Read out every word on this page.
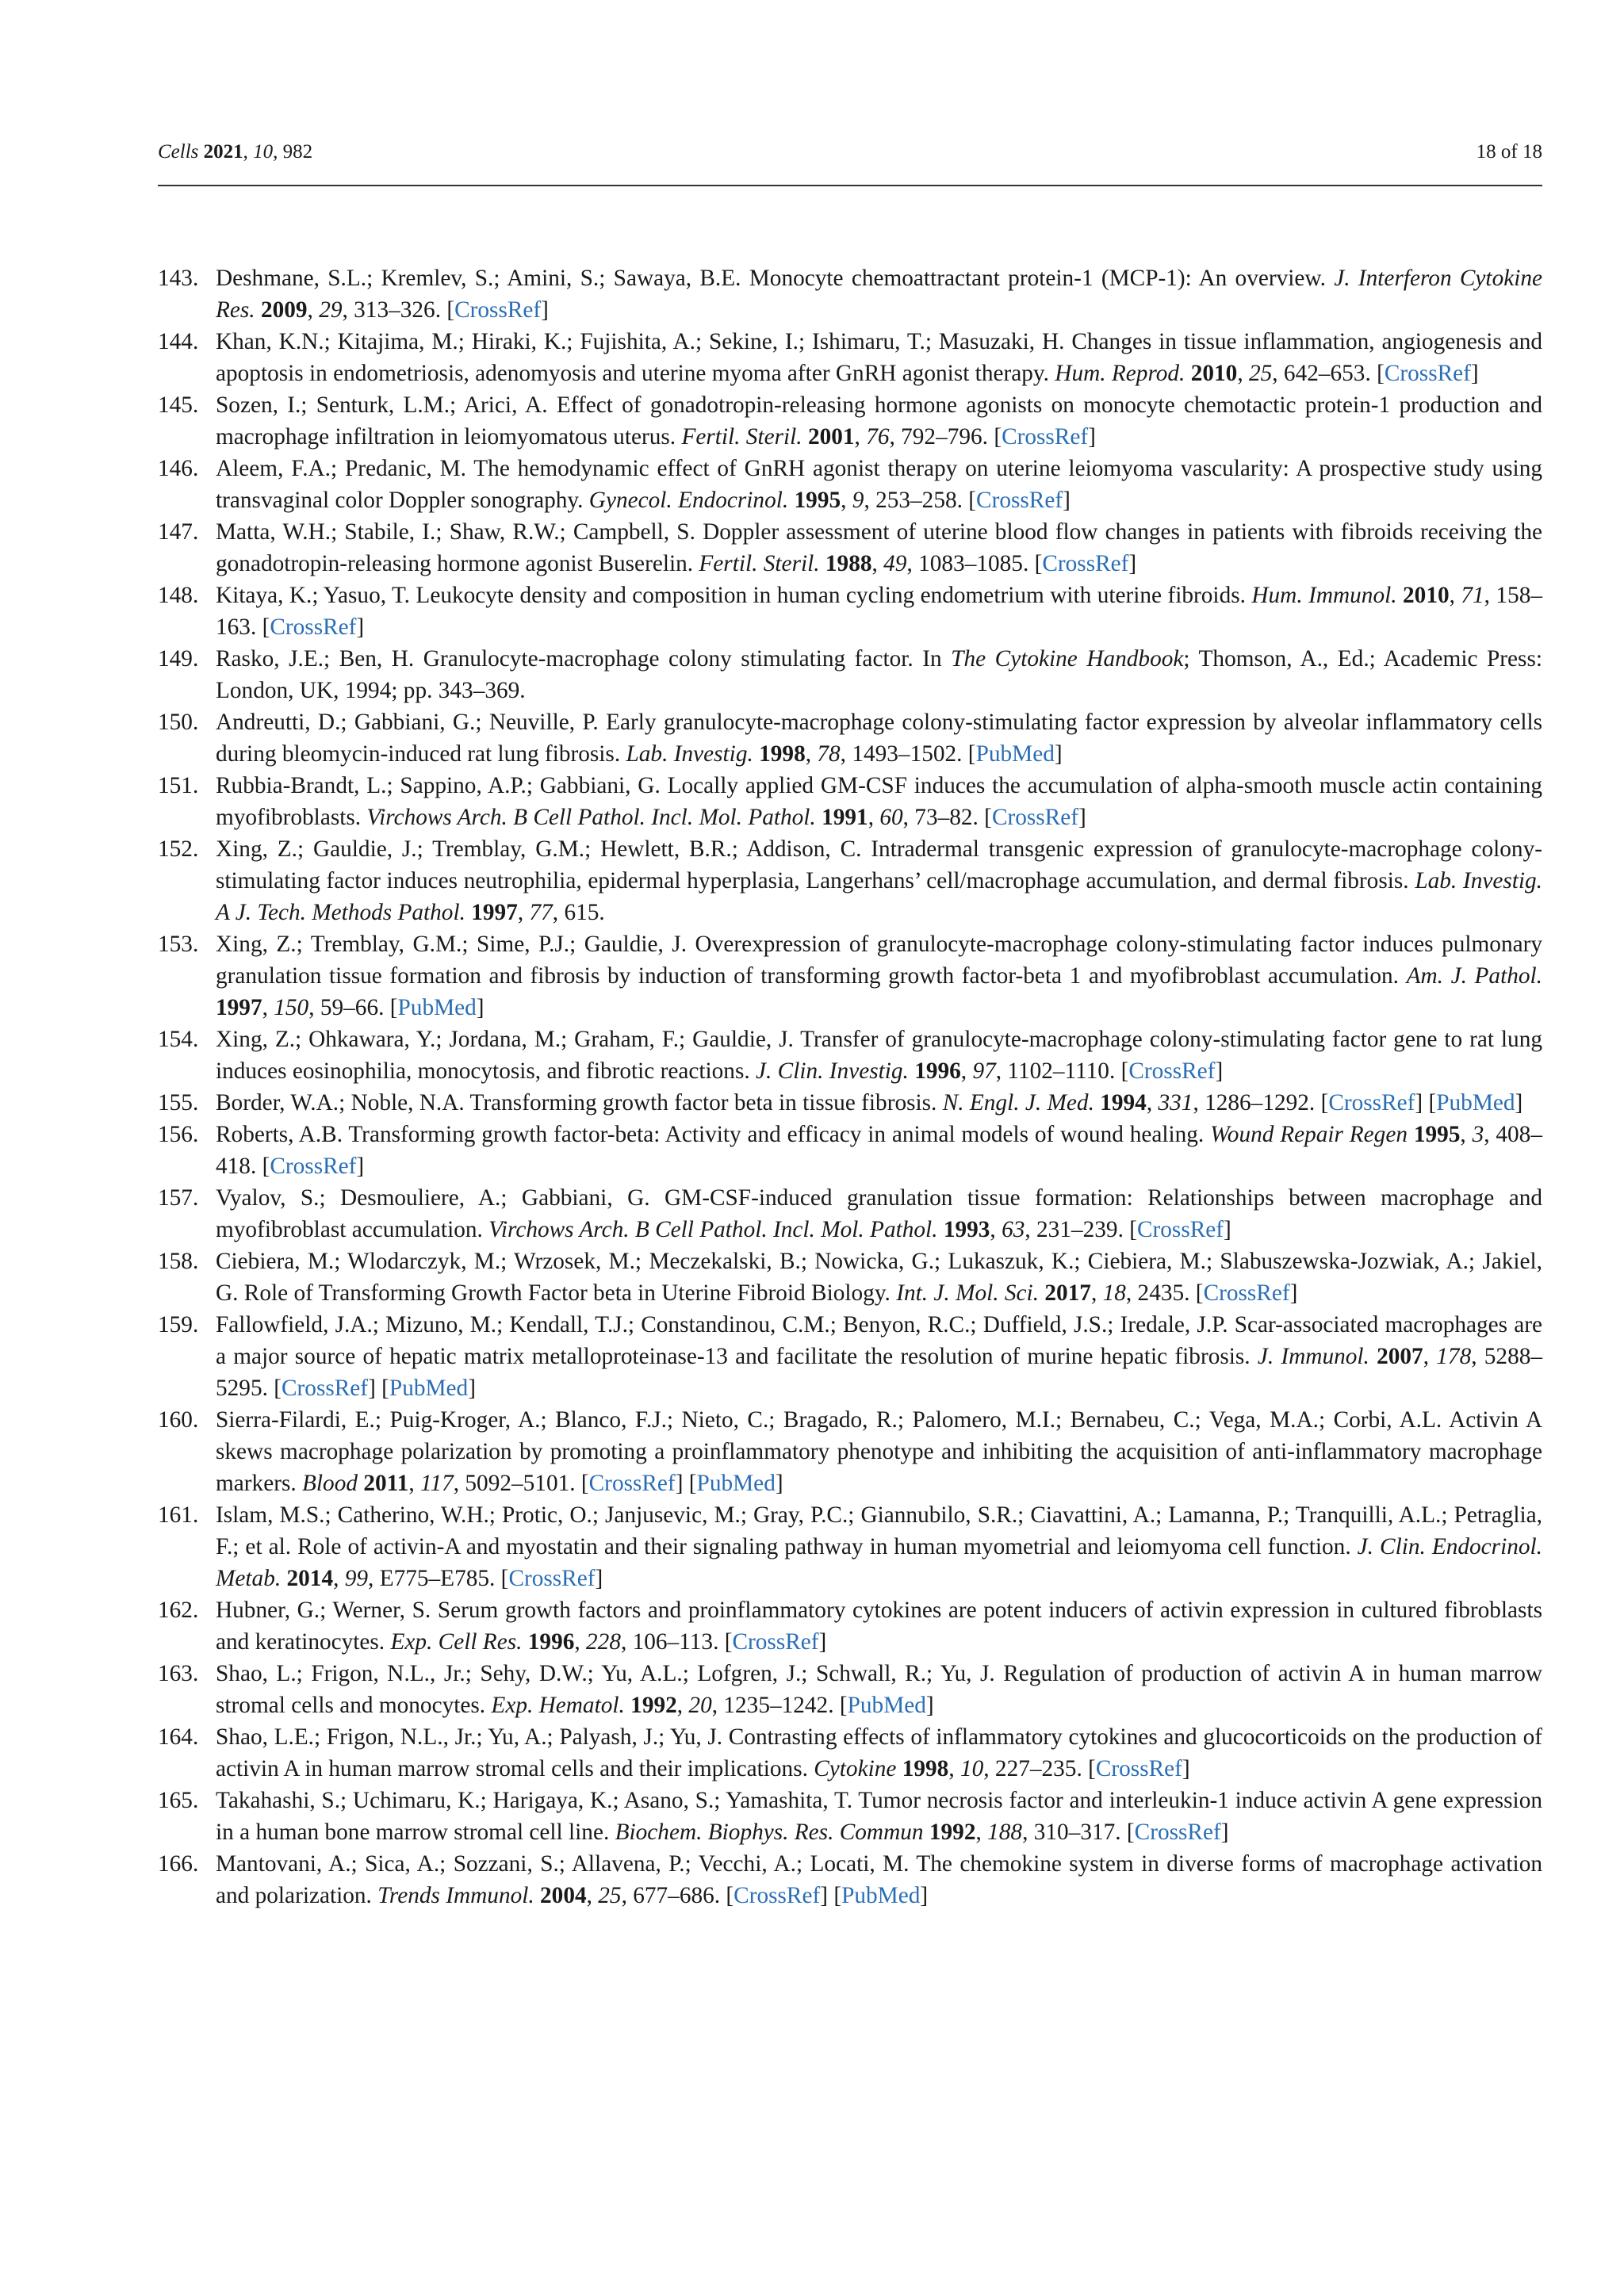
Cells 2021, 10, 982	18 of 18
143. Deshmane, S.L.; Kremlev, S.; Amini, S.; Sawaya, B.E. Monocyte chemoattractant protein-1 (MCP-1): An overview. J. Interferon Cytokine Res. 2009, 29, 313–326. [CrossRef]
144. Khan, K.N.; Kitajima, M.; Hiraki, K.; Fujishita, A.; Sekine, I.; Ishimaru, T.; Masuzaki, H. Changes in tissue inflammation, angiogenesis and apoptosis in endometriosis, adenomyosis and uterine myoma after GnRH agonist therapy. Hum. Reprod. 2010, 25, 642–653. [CrossRef]
145. Sozen, I.; Senturk, L.M.; Arici, A. Effect of gonadotropin-releasing hormone agonists on monocyte chemotactic protein-1 production and macrophage infiltration in leiomyomatous uterus. Fertil. Steril. 2001, 76, 792–796. [CrossRef]
146. Aleem, F.A.; Predanic, M. The hemodynamic effect of GnRH agonist therapy on uterine leiomyoma vascularity: A prospective study using transvaginal color Doppler sonography. Gynecol. Endocrinol. 1995, 9, 253–258. [CrossRef]
147. Matta, W.H.; Stabile, I.; Shaw, R.W.; Campbell, S. Doppler assessment of uterine blood flow changes in patients with fibroids receiving the gonadotropin-releasing hormone agonist Buserelin. Fertil. Steril. 1988, 49, 1083–1085. [CrossRef]
148. Kitaya, K.; Yasuo, T. Leukocyte density and composition in human cycling endometrium with uterine fibroids. Hum. Immunol. 2010, 71, 158–163. [CrossRef]
149. Rasko, J.E.; Ben, H. Granulocyte-macrophage colony stimulating factor. In The Cytokine Handbook; Thomson, A., Ed.; Academic Press: London, UK, 1994; pp. 343–369.
150. Andreutti, D.; Gabbiani, G.; Neuville, P. Early granulocyte-macrophage colony-stimulating factor expression by alveolar inflammatory cells during bleomycin-induced rat lung fibrosis. Lab. Investig. 1998, 78, 1493–1502. [PubMed]
151. Rubbia-Brandt, L.; Sappino, A.P.; Gabbiani, G. Locally applied GM-CSF induces the accumulation of alpha-smooth muscle actin containing myofibroblasts. Virchows Arch. B Cell Pathol. Incl. Mol. Pathol. 1991, 60, 73–82. [CrossRef]
152. Xing, Z.; Gauldie, J.; Tremblay, G.M.; Hewlett, B.R.; Addison, C. Intradermal transgenic expression of granulocyte-macrophage colony-stimulating factor induces neutrophilia, epidermal hyperplasia, Langerhans’ cell/macrophage accumulation, and dermal fibrosis. Lab. Investig. A J. Tech. Methods Pathol. 1997, 77, 615.
153. Xing, Z.; Tremblay, G.M.; Sime, P.J.; Gauldie, J. Overexpression of granulocyte-macrophage colony-stimulating factor induces pulmonary granulation tissue formation and fibrosis by induction of transforming growth factor-beta 1 and myofibroblast accumulation. Am. J. Pathol. 1997, 150, 59–66. [PubMed]
154. Xing, Z.; Ohkawara, Y.; Jordana, M.; Graham, F.; Gauldie, J. Transfer of granulocyte-macrophage colony-stimulating factor gene to rat lung induces eosinophilia, monocytosis, and fibrotic reactions. J. Clin. Investig. 1996, 97, 1102–1110. [CrossRef]
155. Border, W.A.; Noble, N.A. Transforming growth factor beta in tissue fibrosis. N. Engl. J. Med. 1994, 331, 1286–1292. [CrossRef] [PubMed]
156. Roberts, A.B. Transforming growth factor-beta: Activity and efficacy in animal models of wound healing. Wound Repair Regen 1995, 3, 408–418. [CrossRef]
157. Vyalov, S.; Desmouliere, A.; Gabbiani, G. GM-CSF-induced granulation tissue formation: Relationships between macrophage and myofibroblast accumulation. Virchows Arch. B Cell Pathol. Incl. Mol. Pathol. 1993, 63, 231–239. [CrossRef]
158. Ciebiera, M.; Wlodarczyk, M.; Wrzosek, M.; Meczekalski, B.; Nowicka, G.; Lukaszuk, K.; Ciebiera, M.; Slabuszewska-Jozwiak, A.; Jakiel, G. Role of Transforming Growth Factor beta in Uterine Fibroid Biology. Int. J. Mol. Sci. 2017, 18, 2435. [CrossRef]
159. Fallowfield, J.A.; Mizuno, M.; Kendall, T.J.; Constandinou, C.M.; Benyon, R.C.; Duffield, J.S.; Iredale, J.P. Scar-associated macrophages are a major source of hepatic matrix metalloproteinase-13 and facilitate the resolution of murine hepatic fibrosis. J. Immunol. 2007, 178, 5288–5295. [CrossRef] [PubMed]
160. Sierra-Filardi, E.; Puig-Kroger, A.; Blanco, F.J.; Nieto, C.; Bragado, R.; Palomero, M.I.; Bernabeu, C.; Vega, M.A.; Corbi, A.L. Activin A skews macrophage polarization by promoting a proinflammatory phenotype and inhibiting the acquisition of anti-inflammatory macrophage markers. Blood 2011, 117, 5092–5101. [CrossRef] [PubMed]
161. Islam, M.S.; Catherino, W.H.; Protic, O.; Janjusevic, M.; Gray, P.C.; Giannubilo, S.R.; Ciavattini, A.; Lamanna, P.; Tranquilli, A.L.; Petraglia, F.; et al. Role of activin-A and myostatin and their signaling pathway in human myometrial and leiomyoma cell function. J. Clin. Endocrinol. Metab. 2014, 99, E775–E785. [CrossRef]
162. Hubner, G.; Werner, S. Serum growth factors and proinflammatory cytokines are potent inducers of activin expression in cultured fibroblasts and keratinocytes. Exp. Cell Res. 1996, 228, 106–113. [CrossRef]
163. Shao, L.; Frigon, N.L., Jr.; Sehy, D.W.; Yu, A.L.; Lofgren, J.; Schwall, R.; Yu, J. Regulation of production of activin A in human marrow stromal cells and monocytes. Exp. Hematol. 1992, 20, 1235–1242. [PubMed]
164. Shao, L.E.; Frigon, N.L., Jr.; Yu, A.; Palyash, J.; Yu, J. Contrasting effects of inflammatory cytokines and glucocorticoids on the production of activin A in human marrow stromal cells and their implications. Cytokine 1998, 10, 227–235. [CrossRef]
165. Takahashi, S.; Uchimaru, K.; Harigaya, K.; Asano, S.; Yamashita, T. Tumor necrosis factor and interleukin-1 induce activin A gene expression in a human bone marrow stromal cell line. Biochem. Biophys. Res. Commun 1992, 188, 310–317. [CrossRef]
166. Mantovani, A.; Sica, A.; Sozzani, S.; Allavena, P.; Vecchi, A.; Locati, M. The chemokine system in diverse forms of macrophage activation and polarization. Trends Immunol. 2004, 25, 677–686. [CrossRef] [PubMed]
